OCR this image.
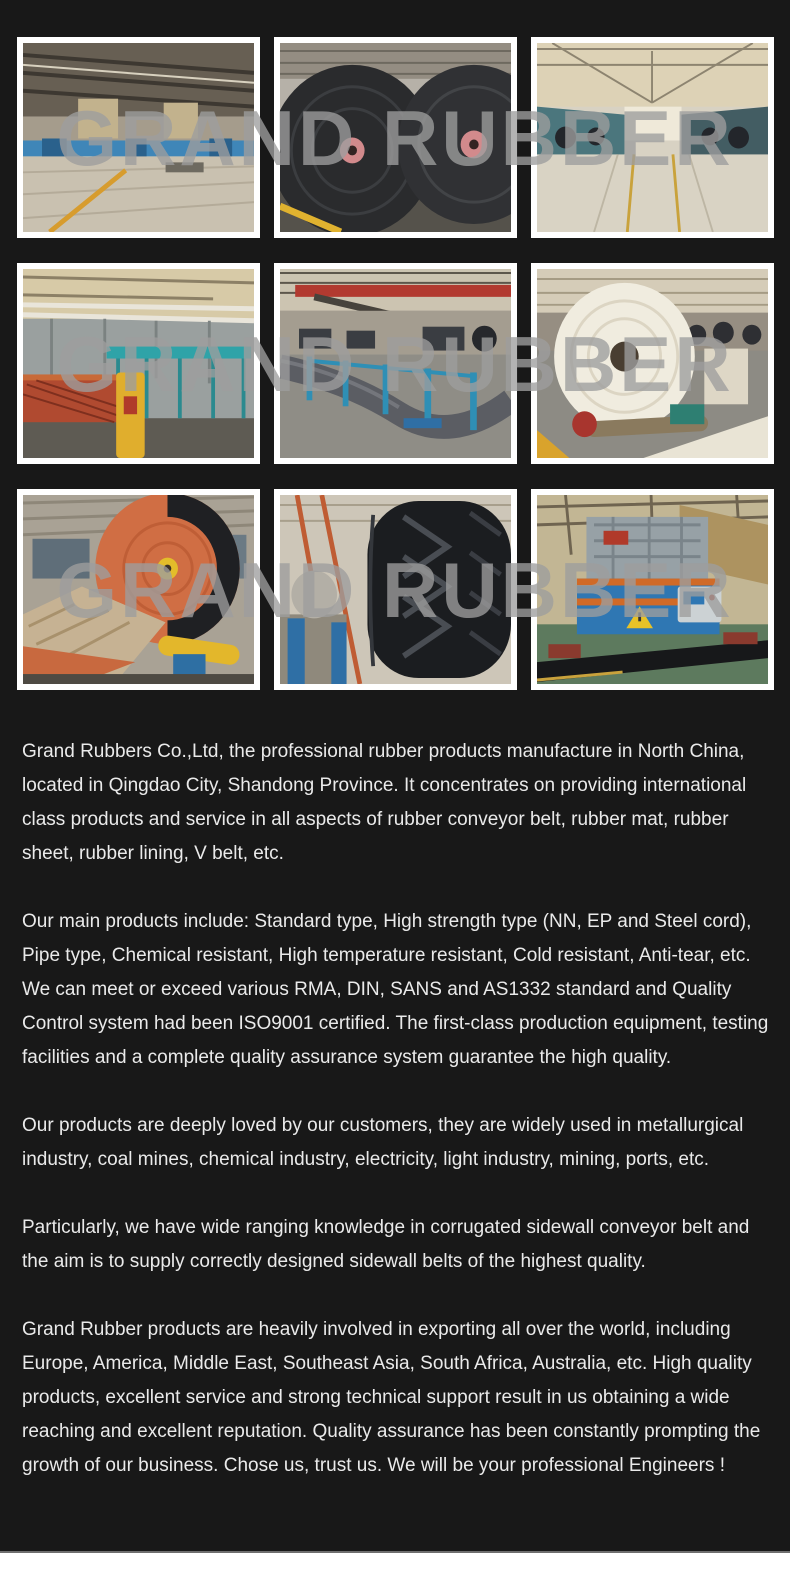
GRAND RUBBER
GRAND RUBBER
GRAND RUBBER

Grand Rubbers Co.,Ltd, the professional rubber products manufacture in North China, located in Qingdao City, Shandong Province. It concentrates on providing international class products and service in all aspects of rubber conveyor belt, rubber mat, rubber sheet, rubber lining, V belt, etc.

Our main products include: Standard type, High strength type (NN, EP and Steel cord), Pipe type, Chemical resistant, High temperature resistant, Cold resistant, Anti-tear, etc. We can meet or exceed various RMA, DIN, SANS and AS1332 standard and Quality Control system had been ISO9001 certified. The first-class production equipment, testing facilities and a complete quality assurance system guarantee the high quality.

Our products are deeply loved by our customers, they are widely used in metallurgical industry, coal mines, chemical industry, electricity, light industry, mining, ports, etc.

Particularly, we have wide ranging knowledge in corrugated sidewall conveyor belt and the aim is to supply correctly designed sidewall belts of the highest quality.

Grand Rubber products are heavily involved in exporting all over the world, including Europe, America, Middle East, Southeast Asia, South Africa, Australia, etc. High quality products, excellent service and strong technical support result in us obtaining a wide reaching and excellent reputation. Quality assurance has been constantly prompting the growth of our business. Chose us, trust us. We will be your professional Engineers !
